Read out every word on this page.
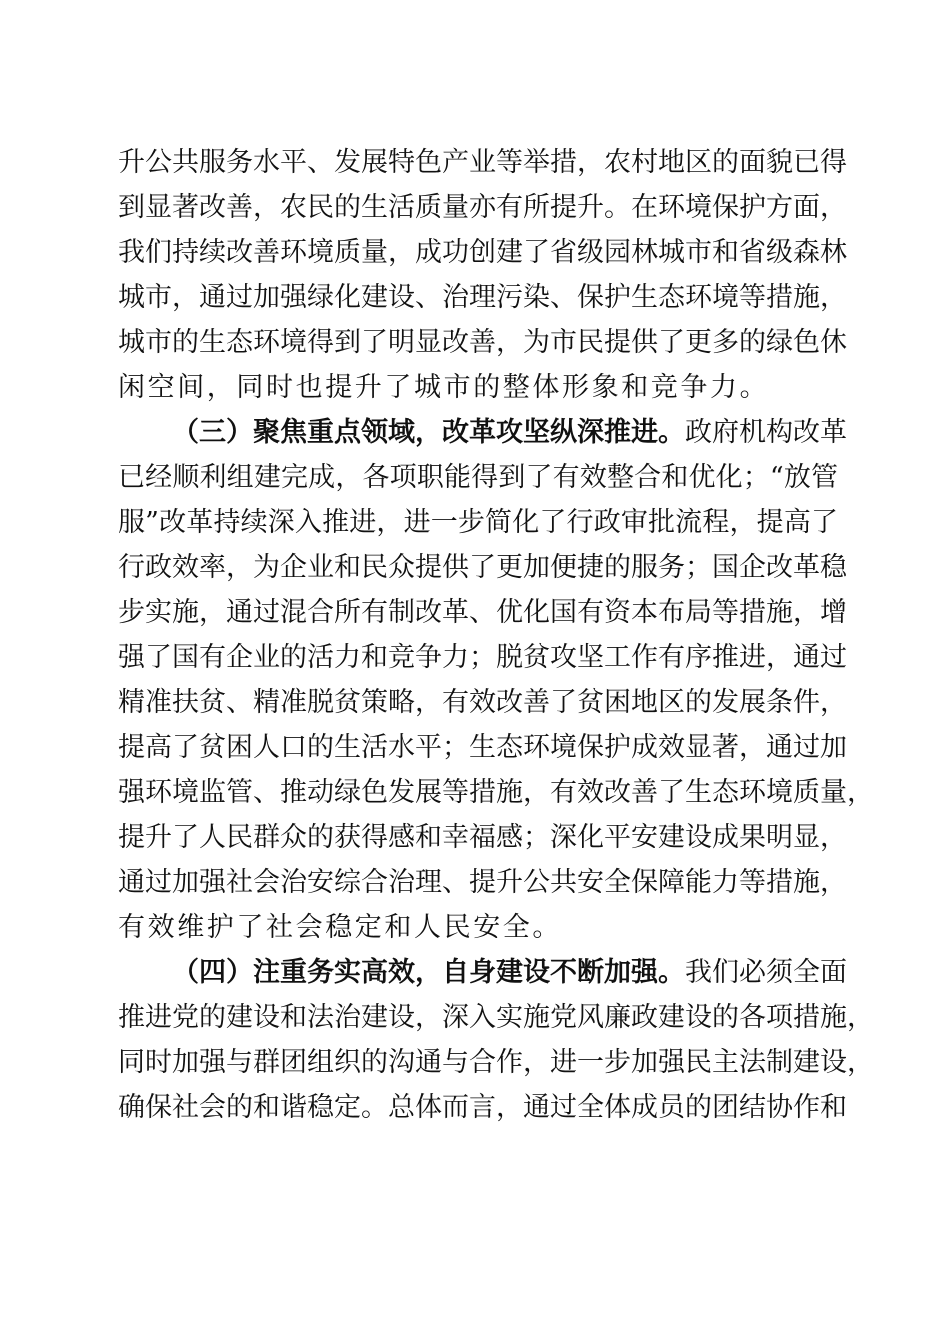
升公共服务水平、发展特色产业等举措，农村地区的面貌已得
到显著改善，农民的生活质量亦有所提升。在环境保护方面，
我们持续改善环境质量，成功创建了省级园林城市和省级森林
城市，通过加强绿化建设、治理污染、保护生态环境等措施，
城市的生态环境得到了明显改善，为市民提供了更多的绿色休
闲空间，同时也提升了城市的整体形象和竞争力。
（三）聚焦重点领域，改革攻坚纵深推进。政府机构改革
已经顺利组建完成，各项职能得到了有效整合和优化；“放管
服”改革持续深入推进，进一步简化了行政审批流程，提高了
行政效率，为企业和民众提供了更加便捷的服务；国企改革稳
步实施，通过混合所有制改革、优化国有资本布局等措施，增
强了国有企业的活力和竞争力；脱贫攻坚工作有序推进，通过
精准扶贫、精准脱贫策略，有效改善了贫困地区的发展条件，
提高了贫困人口的生活水平；生态环境保护成效显著，通过加
强环境监管、推动绿色发展等措施，有效改善了生态环境质量，
提升了人民群众的获得感和幸福感；深化平安建设成果明显，
通过加强社会治安综合治理、提升公共安全保障能力等措施，
有效维护了社会稳定和人民安全。
（四）注重务实高效，自身建设不断加强。我们必须全面
推进党的建设和法治建设，深入实施党风廉政建设的各项措施，
同时加强与群团组织的沟通与合作，进一步加强民主法制建设，
确保社会的和谐稳定。总体而言，通过全体成员的团结协作和
